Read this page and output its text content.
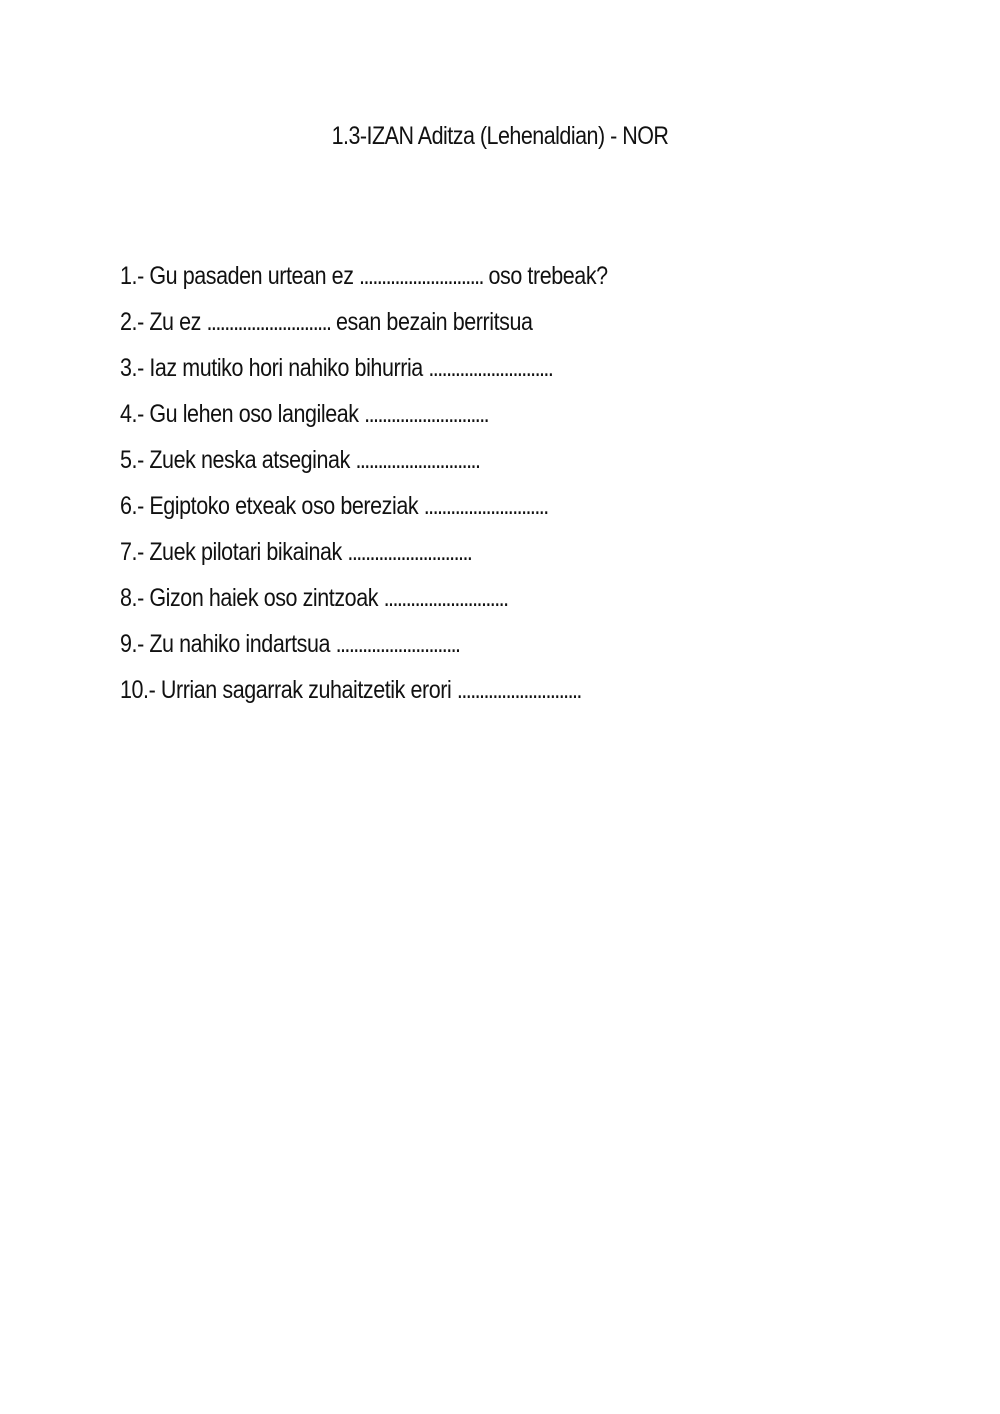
1.3-IZAN Aditza (Lehenaldian) - NOR
1.- Gu pasaden urtean ez ............................ oso trebeak?
2.- Zu ez ............................ esan bezain berritsua
3.- Iaz mutiko hori nahiko bihurria ............................
4.- Gu lehen oso langileak ............................
5.- Zuek neska atseginak ............................
6.- Egiptoko etxeak oso bereziak ............................
7.- Zuek pilotari bikainak ............................
8.- Gizon haiek oso zintzoak ............................
9.- Zu nahiko indartsua ............................
10.- Urrian sagarrak zuhaitzetik erori ............................
